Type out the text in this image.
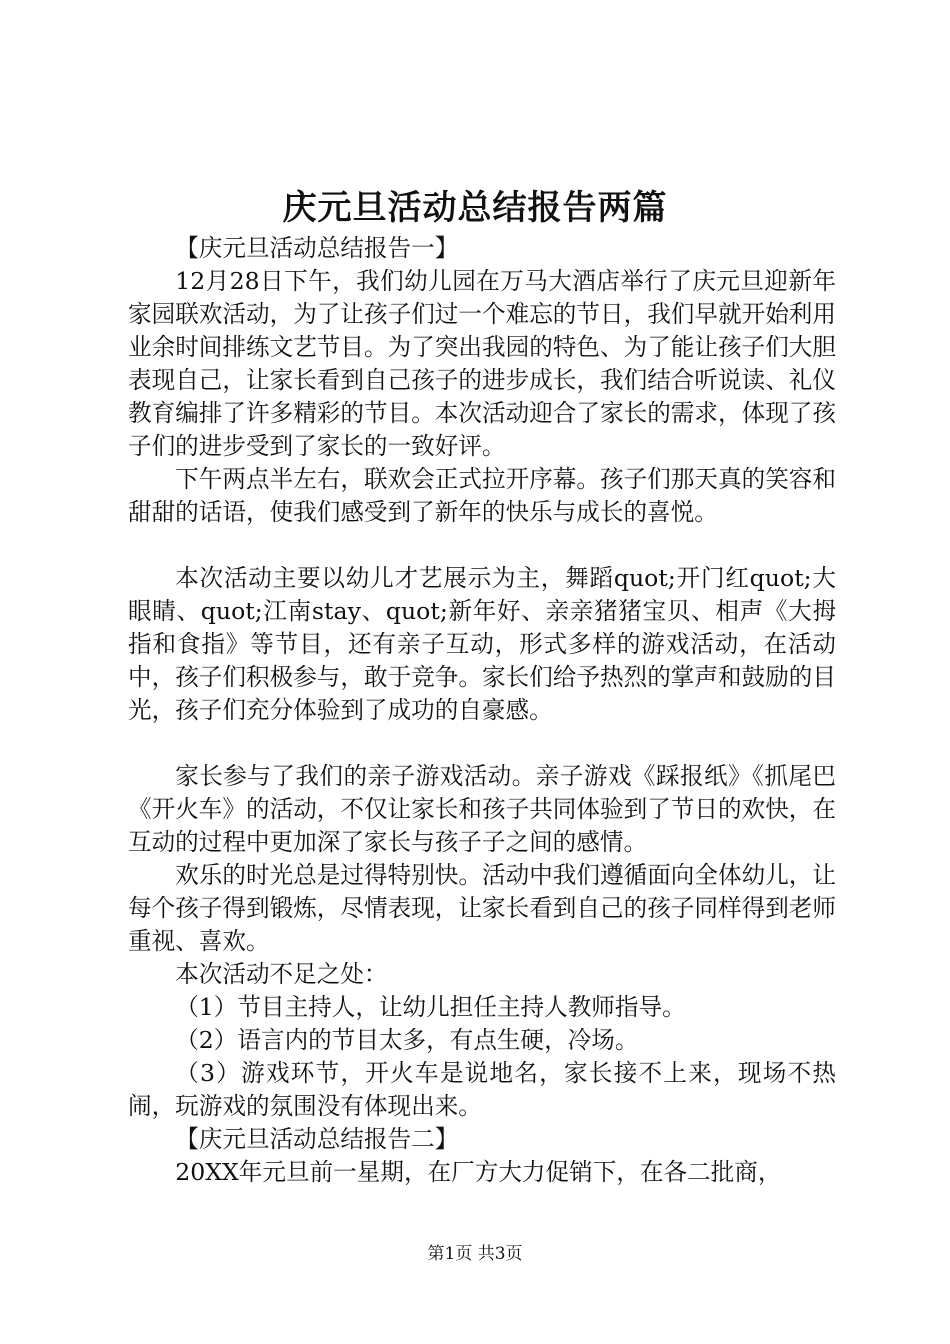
庆元旦活动总结报告两篇

【庆元旦活动总结报告一】

12月28日下午，我们幼儿园在万马大酒店举行了庆元旦迎新年家园联欢活动，为了让孩子们过一个难忘的节日，我们早就开始利用业余时间排练文艺节目。为了突出我园的特色、为了能让孩子们大胆表现自己，让家长看到自己孩子的进步成长，我们结合听说读、礼仪教育编排了许多精彩的节目。本次活动迎合了家长的需求，体现了孩子们的进步受到了家长的一致好评。

下午两点半左右，联欢会正式拉开序幕。孩子们那天真的笑容和甜甜的话语，使我们感受到了新年的快乐与成长的喜悦。

本次活动主要以幼儿才艺展示为主，舞蹈quot;开门红quot;大眼睛、quot;江南stay、quot;新年好、亲亲猪猪宝贝、相声《大拇指和食指》等节目，还有亲子互动，形式多样的游戏活动，在活动中，孩子们积极参与，敢于竞争。家长们给予热烈的掌声和鼓励的目光，孩子们充分体验到了成功的自豪感。

家长参与了我们的亲子游戏活动。亲子游戏《踩报纸》《抓尾巴《开火车》的活动，不仅让家长和孩子共同体验到了节日的欢快，在互动的过程中更加深了家长与孩子子之间的感情。

欢乐的时光总是过得特别快。活动中我们遵循面向全体幼儿，让每个孩子得到锻炼，尽情表现，让家长看到自己的孩子同样得到老师重视、喜欢。

本次活动不足之处：

（1）节目主持人，让幼儿担任主持人教师指导。

（2）语言内的节目太多，有点生硬，冷场。

（3）游戏环节，开火车是说地名，家长接不上来，现场不热闹，玩游戏的氛围没有体现出来。

【庆元旦活动总结报告二】

20XX年元旦前一星期，在厂方大力促销下，在各二批商，

第1页 共3页
